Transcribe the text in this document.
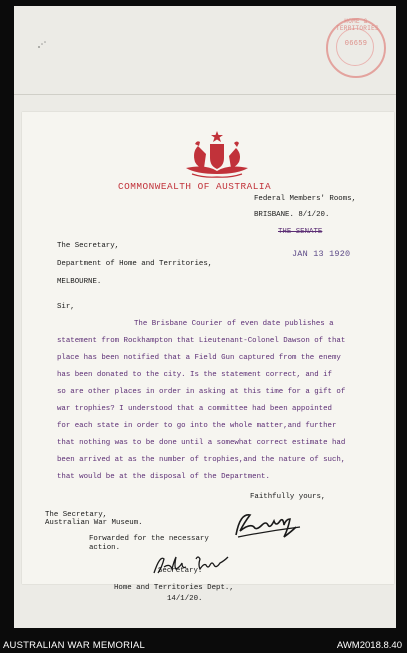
HOME & TERRITORIES
06659
COMMONWEALTH OF AUSTRALIA
Federal Members' Rooms,
BRISBANE. 8/1/20.
THE SENATE
JAN 13 1920
The Secretary,
Department of Home and Territories,
MELBOURNE.
Sir,
The Brisbane Courier of even date publishes a
statement from Rockhampton that Lieutenant-Colonel Dawson of that
place has been notified that a Field Gun captured from the enemy
has been donated to the city. Is the statement correct, and if
so are other places in order in asking at this time for a gift of
war trophies? I understood that a committee had been appointed
for each state in order to go into the whole matter,and further
that nothing was to be done until a somewhat correct estimate had
been arrived at as the number of trophies,and the nature of such,
that would be at the disposal of the Department.
Faithfully yours,
The Secretary,
Australian War Museum.
Forwarded for the necessary
action.
Secretary.
Home and Territories Dept.,
14/1/20.
AUSTRALIAN WAR MEMORIAL	AWM2018.8.40
